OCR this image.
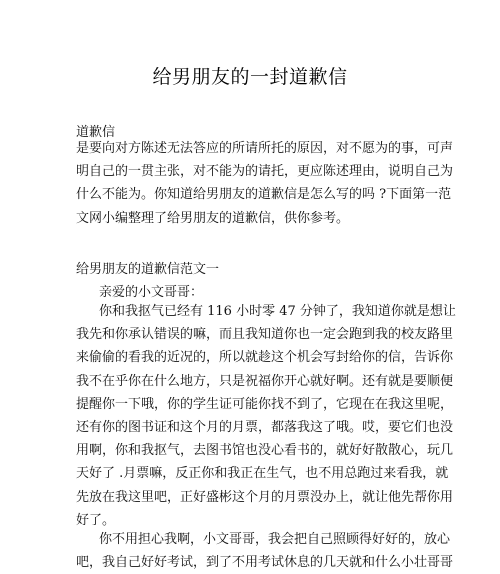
给男朋友的一封道歉信
道歉信
是要向对方陈述无法答应的所请所托的原因，对不愿为的事，可声
明自己的一贯主张，对不能为的请托，更应陈述理由，说明自己为
什么不能为。你知道给男朋友的道歉信是怎么写的吗 ?下面第一范
文网小编整理了给男朋友的道歉信，供你参考。
给男朋友的道歉信范文一
亲爱的小文哥哥：
你和我抠气已经有 116 小时零 47 分钟了，我知道你就是想让
我先和你承认错误的嘛，而且我知道你也一定会跑到我的校友路里
来偷偷的看我的近况的，所以就趁这个机会写封给你的信，告诉你
我不在乎你在什么地方，只是祝福你开心就好啊。还有就是要顺便
提醒你一下哦，你的学生证可能你找不到了，它现在在我这里呢，
还有你的图书证和这个月的月票，都落我这了哦。哎，要它们也没
用啊，你和我抠气，去图书馆也没心看书的，就好好散散心，玩几
天好了 .月票嘛，反正你和我正在生气，也不用总跑过来看我，就
先放在我这里吧，正好盛彬这个月的月票没办上，就让他先帮你用
好了。
你不用担心我啊，小文哥哥，我会把自己照顾得好好的，放心
吧，我自己好好考试，到了不用考试休息的几天就和什么小壮哥哥
